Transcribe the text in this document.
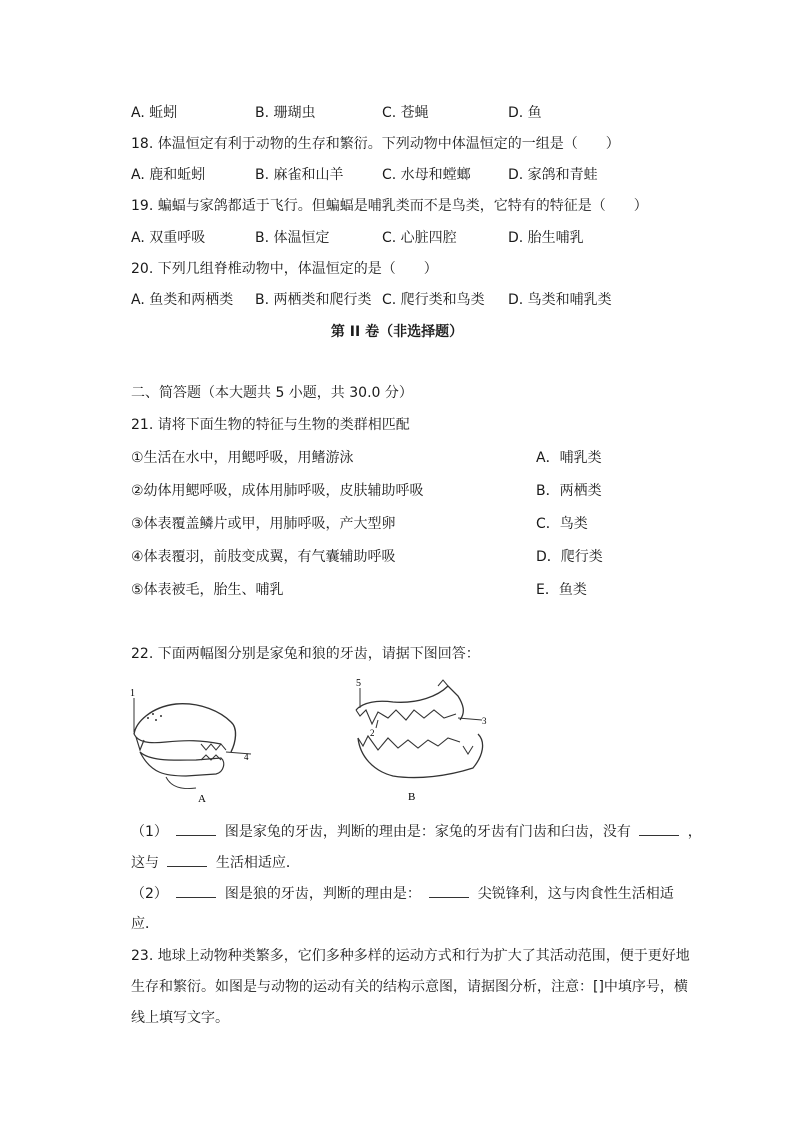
A. 蚯蚓	B. 珊瑚虫	C. 苍蝇	D. 鱼
18. 体温恒定有利于动物的生存和繁衍。下列动物中体温恒定的一组是（　　）
A. 鹿和蚯蚓	B. 麻雀和山羊	C. 水母和螳螂	D. 家鸽和青蛙
19. 蝙蝠与家鸽都适于飞行。但蝙蝠是哺乳类而不是鸟类，它特有的特征是（　　）
A. 双重呼吸	B. 体温恒定	C. 心脏四腔	D. 胎生哺乳
20. 下列几组脊椎动物中，体温恒定的是（　　）
A. 鱼类和两栖类 B. 两栖类和爬行类 C. 爬行类和鸟类 D. 鸟类和哺乳类
第 II 卷（非选择题）
二、简答题（本大题共 5 小题，共 30.0 分）
21. 请将下面生物的特征与生物的类群相匹配
①生活在水中，用鳃呼吸，用鳍游泳	A．哺乳类
②幼体用鳃呼吸，成体用肺呼吸，皮肤辅助呼吸	B．两栖类
③体表覆盖鳞片或甲，用肺呼吸，产大型卵	C．鸟类
④体表覆羽，前肢变成翼，有气囊辅助呼吸	D．爬行类
⑤体表被毛，胎生、哺乳	E．鱼类
22. 下面两幅图分别是家兔和狼的牙齿，请据下图回答：
1
4
A
5
2
3
B
（1）	图是家兔的牙齿，判断的理由是：家兔的牙齿有门齿和臼齿，没有	，
这与	生活相适应．
（2）	图是狼的牙齿，判断的理由是：	尖锐锋利，这与肉食性生活相适
应．
23. 地球上动物种类繁多，它们多种多样的运动方式和行为扩大了其活动范围，便于更好地
生存和繁衍。如图是与动物的运动有关的结构示意图，请据图分析，注意：[]中填序号，横
线上填写文字。
